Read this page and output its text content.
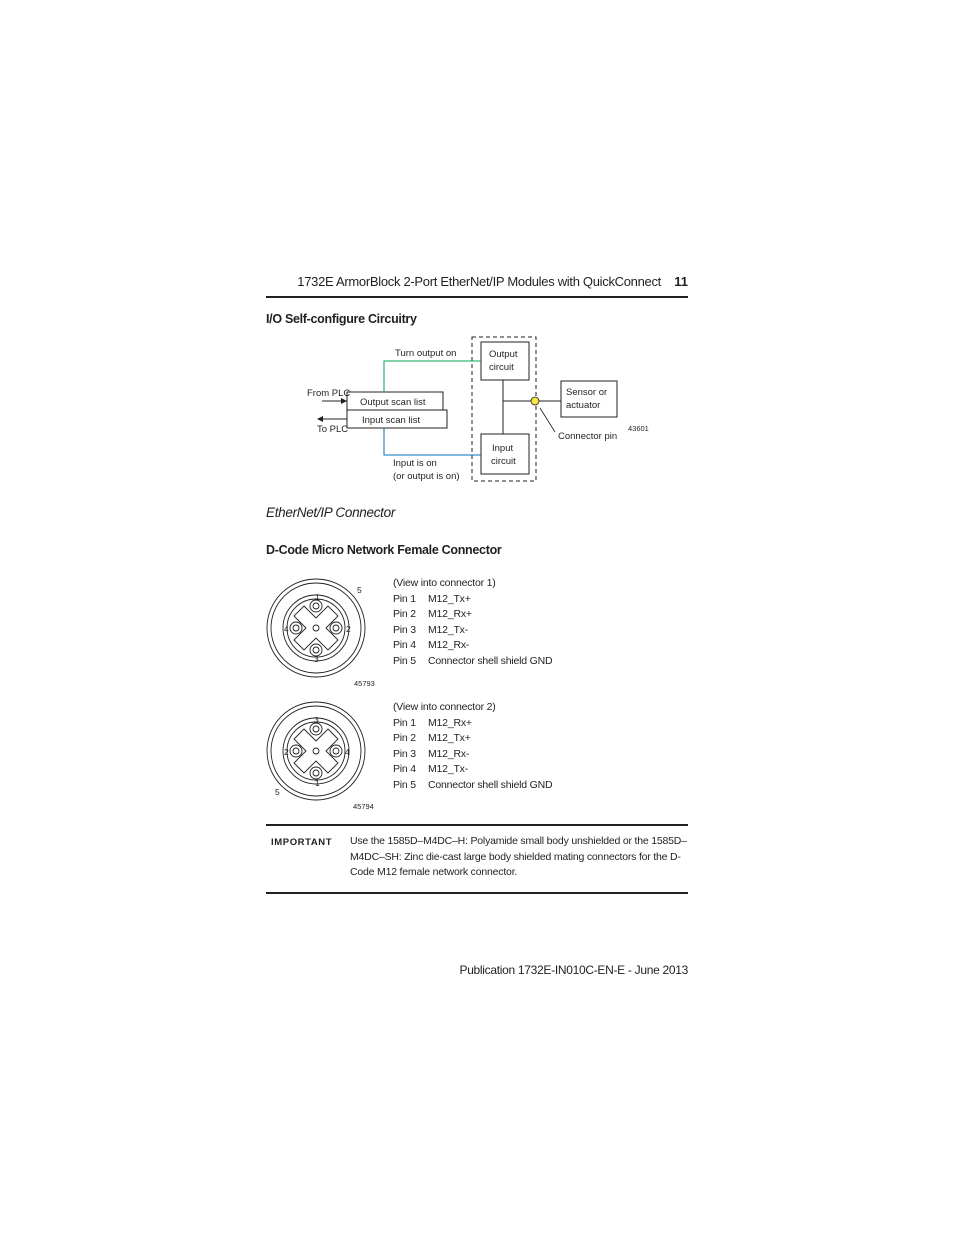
1732E ArmorBlock 2-Port EtherNet/IP Modules with QuickConnect	11
I/O Self-configure Circuitry
Turn output on	Output
circuit
From PLC
Output scan list
Input scan list
To PLC
Sensor or
actuator
43601
Connector pin
Input
circuit
Input is on
(or output is on)
EtherNet/IP Connector
D-Code Micro Network Female Connector
1
2
3
4
5
45793
(View into connector 1)
Pin 1	M12_Tx+
Pin 2	M12_Rx+
Pin 3	M12_Tx-
Pin 4	M12_Rx-
Pin 5	Connector shell shield GND
3
4
1
2
5
45794
(View into connector 2)
Pin 1	M12_Rx+
Pin 2	M12_Tx+
Pin 3	M12_Rx-
Pin 4	M12_Tx-
Pin 5	Connector shell shield GND
IMPORTANT Use the 1585D–M4DC–H: Polyamide small body unshielded or the 1585D–M4DC–SH: Zinc die-cast large body shielded mating connectors for the D-Code M12 female network connector.
Publication 1732E-IN010C-EN-E - June 2013
